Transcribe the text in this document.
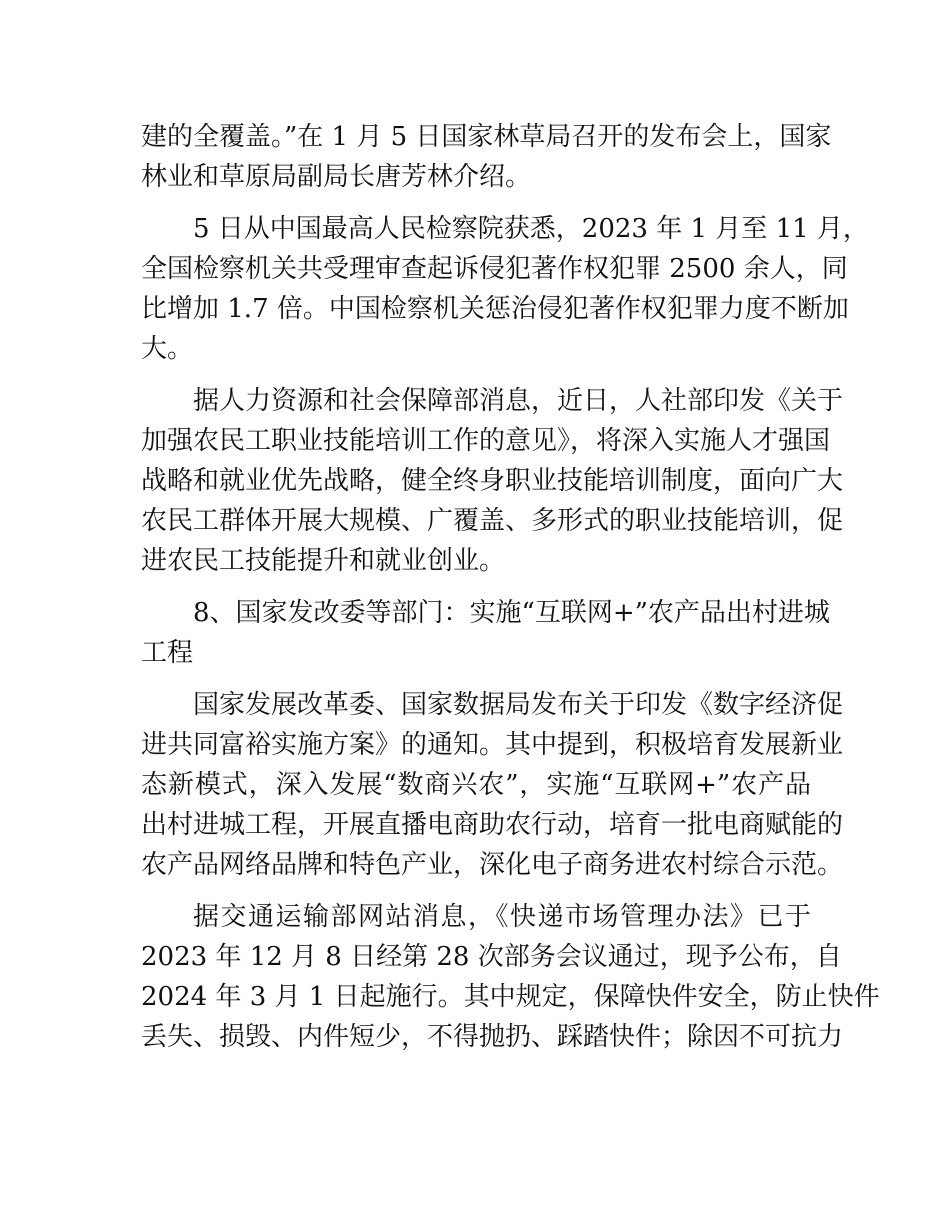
建的全覆盖。”在 1 月 5 日国家林草局召开的发布会上，国家
林业和草原局副局长唐芳林介绍。

5 日从中国最高人民检察院获悉，2023 年 1 月至 11 月，
全国检察机关共受理审查起诉侵犯著作权犯罪 2500 余人，同
比增加 1.7 倍。中国检察机关惩治侵犯著作权犯罪力度不断加
大。

据人力资源和社会保障部消息，近日，人社部印发《关于
加强农民工职业技能培训工作的意见》，将深入实施人才强国
战略和就业优先战略，健全终身职业技能培训制度，面向广大
农民工群体开展大规模、广覆盖、多形式的职业技能培训，促
进农民工技能提升和就业创业。

8、国家发改委等部门：实施“互联网+”农产品出村进城
工程

国家发展改革委、国家数据局发布关于印发《数字经济促
进共同富裕实施方案》的通知。其中提到，积极培育发展新业
态新模式，深入发展“数商兴农”，实施“互联网+”农产品
出村进城工程，开展直播电商助农行动，培育一批电商赋能的
农产品网络品牌和特色产业，深化电子商务进农村综合示范。

据交通运输部网站消息，《快递市场管理办法》已于
2023 年 12 月 8 日经第 28 次部务会议通过，现予公布，自
2024 年 3 月 1 日起施行。其中规定，保障快件安全，防止快件
丢失、损毁、内件短少，不得抛扔、踩踏快件；除因不可抗力
